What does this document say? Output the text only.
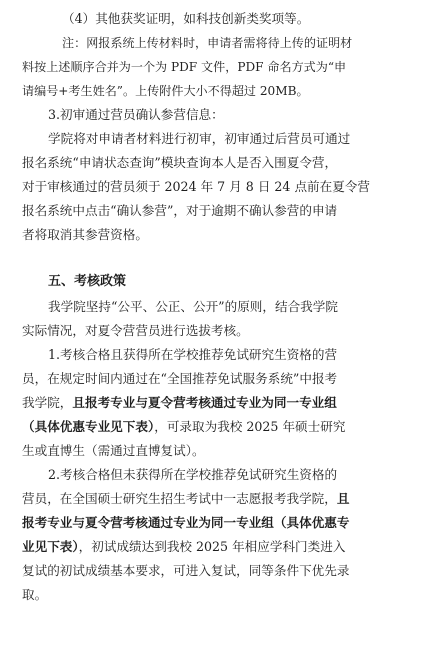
（4）其他获奖证明，如科技创新类奖项等。
注：网报系统上传材料时，申请者需将待上传的证明材
料按上述顺序合并为一个为 PDF 文件，PDF 命名方式为“申
请编号+考生姓名”。上传附件大小不得超过 20MB。
3.初审通过营员确认参营信息：
学院将对申请者材料进行初审，初审通过后营员可通过
报名系统“申请状态查询”模块查询本人是否入围夏令营，
对于审核通过的营员须于 2024 年 7 月 8 日 24 点前在夏令营
报名系统中点击“确认参营”，对于逾期不确认参营的申请
者将取消其参营资格。
五、考核政策
我学院坚持“公平、公正、公开”的原则，结合我学院
实际情况，对夏令营营员进行选拔考核。
1.考核合格且获得所在学校推荐免试研究生资格的营
员，在规定时间内通过在“全国推荐免试服务系统”中报考
我学院，且报考专业与夏令营考核通过专业为同一专业组
（具体优惠专业见下表），可录取为我校 2025 年硕士研究
生或直博生（需通过直博复试）。
2.考核合格但未获得所在学校推荐免试研究生资格的
营员，在全国硕士研究生招生考试中一志愿报考我学院，且
报考专业与夏令营考核通过专业为同一专业组（具体优惠专
业见下表），初试成绩达到我校 2025 年相应学科门类进入
复试的初试成绩基本要求，可进入复试，同等条件下优先录
取。
